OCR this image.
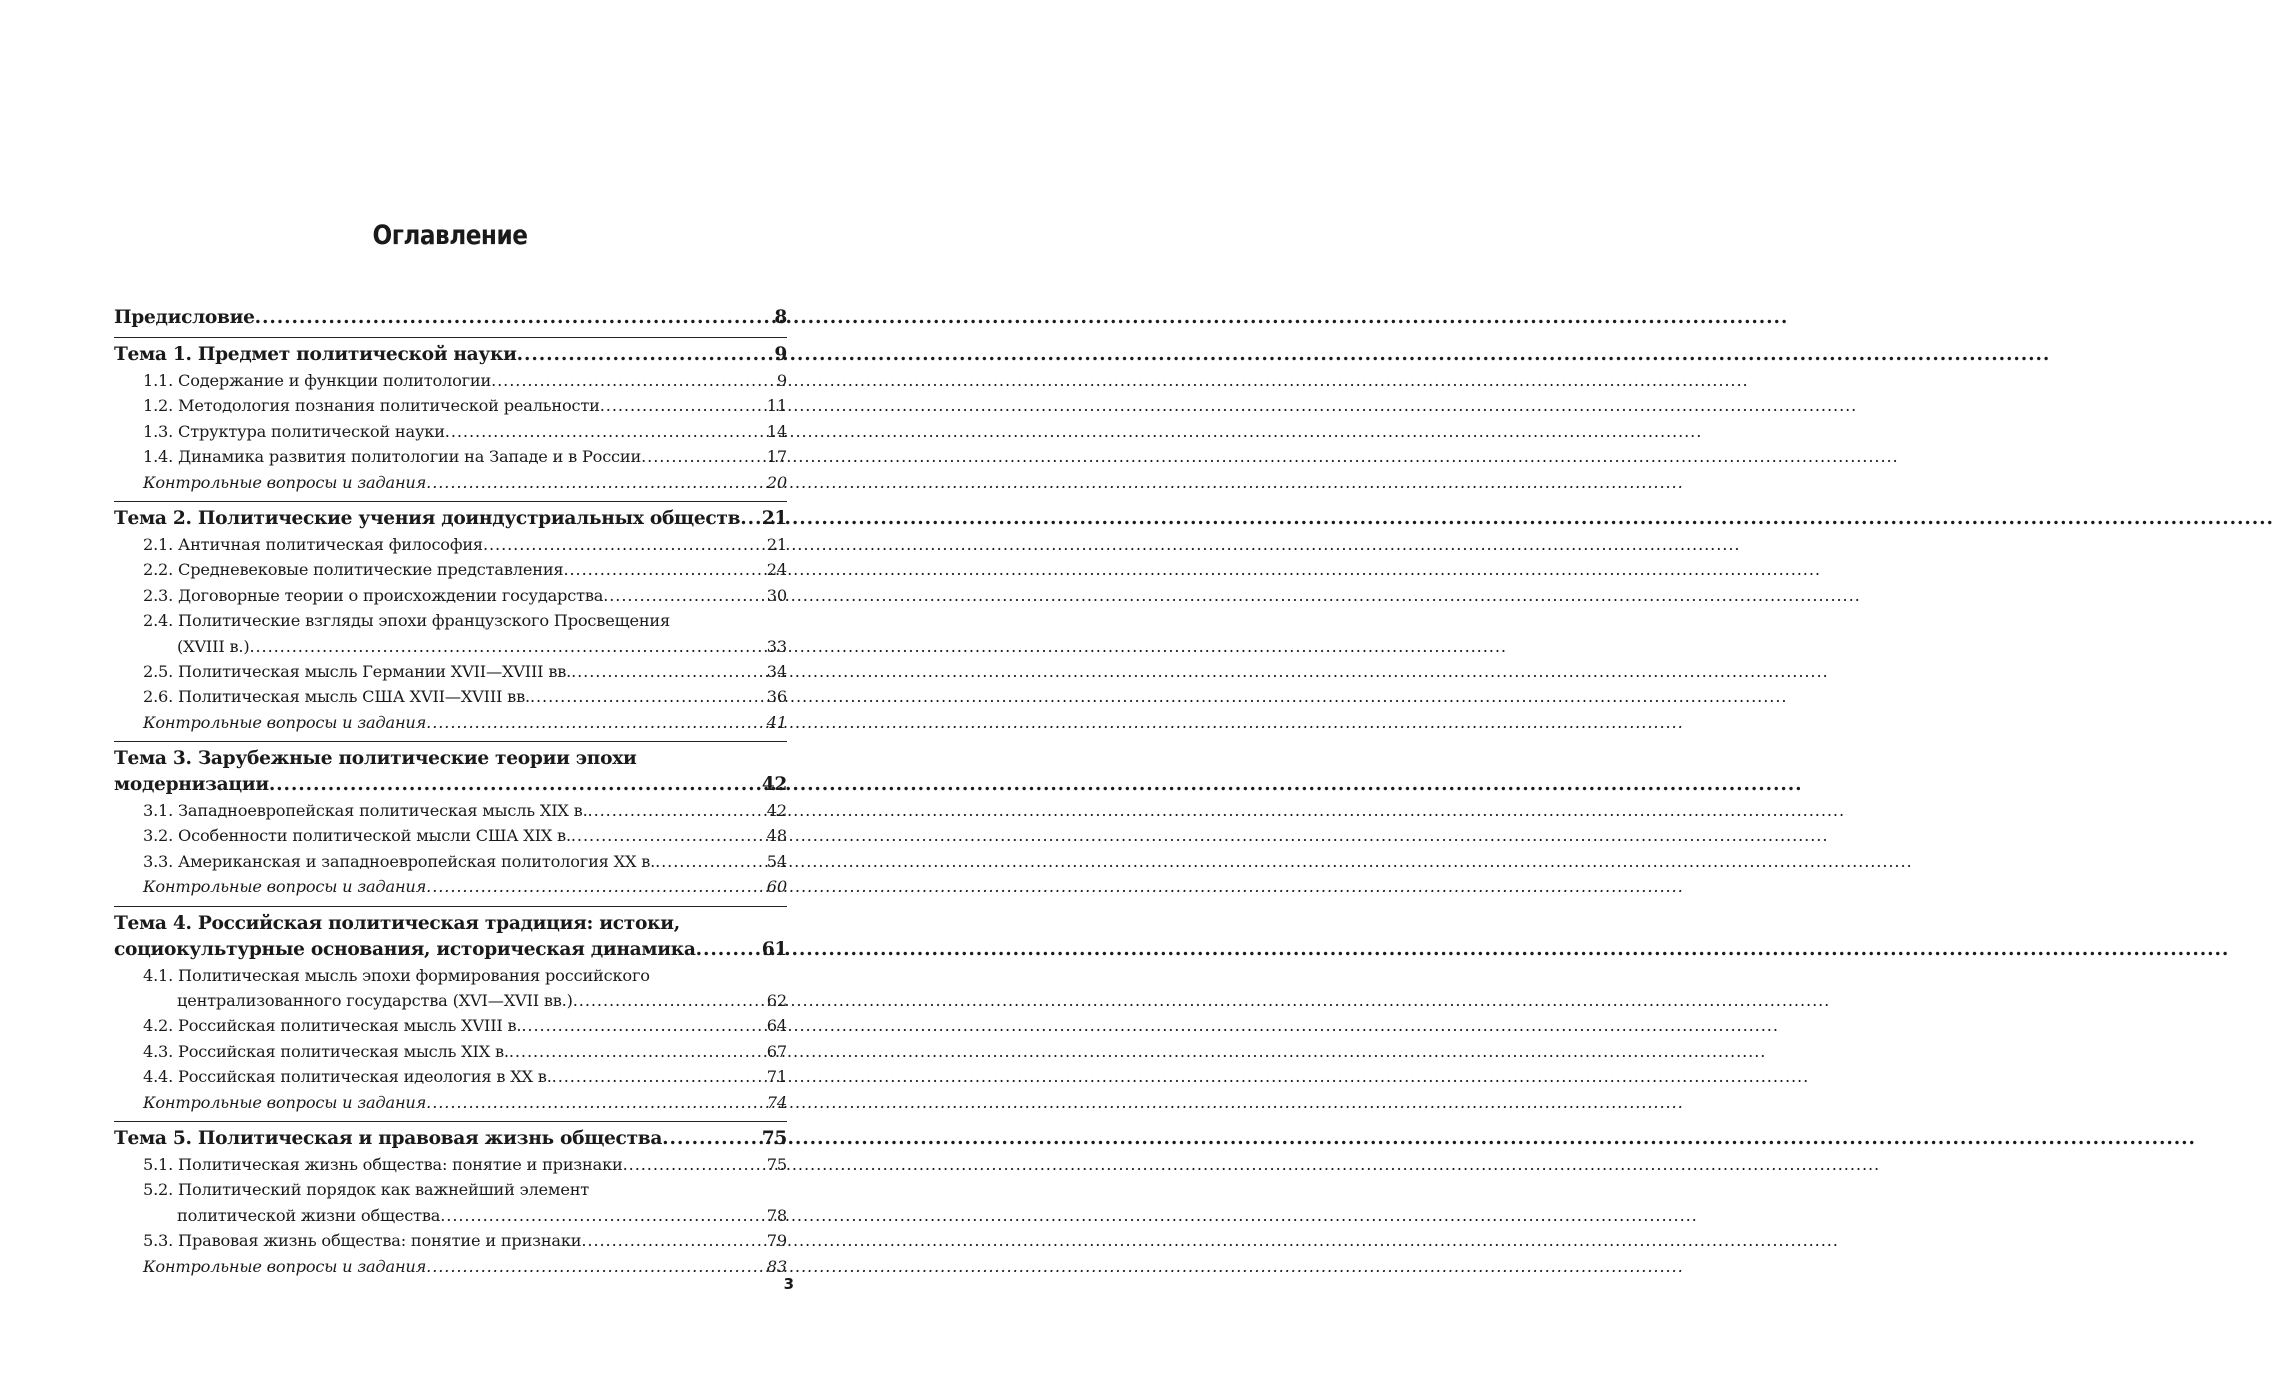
Оглавление
Предисловие .....	8
Тема 1. Предмет политической науки .....	9
1.1. Содержание и функции политологии .....	9
1.2. Методология познания политической реальности .....	11
1.3. Структура политической науки .....	14
1.4. Динамика развития политологии на Западе и в России .....	17
Контрольные вопросы и задания .....	20
Тема 2. Политические учения доиндустриальных обществ ..... 21
2.1. Античная политическая философия .....	21
2.2. Средневековые политические представления .....	24
2.3. Договорные теории о происхождении государства .....	30
2.4. Политические взгляды эпохи французского Просвещения
(XVIII в.) .....	33
2.5. Политическая мысль Германии XVII—XVIII вв. .....	34
2.6. Политическая мысль США XVII—XVIII вв. .....	36
Контрольные вопросы и задания .....	41
Тема 3. Зарубежные политические теории эпохи
модернизации .....	42
3.1. Западноевропейская политическая мысль XIX в. .....	42
3.2. Особенности политической мысли США XIX в. .....	48
3.3. Американская и западноевропейская политология XX в. .....	54
Контрольные вопросы и задания .....	60
Тема 4. Российская политическая традиция: истоки,
социокультурные основания, историческая динамика .....	61
4.1. Политическая мысль эпохи формирования российского
централизованного государства (XVI—XVII вв.) .....	62
4.2. Российская политическая мысль XVIII в. .....	64
4.3. Российская политическая мысль XIX в. .....	67
4.4. Российская политическая идеология в XX в. .....	71
Контрольные вопросы и задания .....	74
Тема 5. Политическая и правовая жизнь общества .....	75
5.1. Политическая жизнь общества: понятие и признаки .....	75
5.2. Политический порядок как важнейший элемент
политической жизни общества .....	78
5.3. Правовая жизнь общества: понятие и признаки .....	79
Контрольные вопросы и задания .....	83
3
